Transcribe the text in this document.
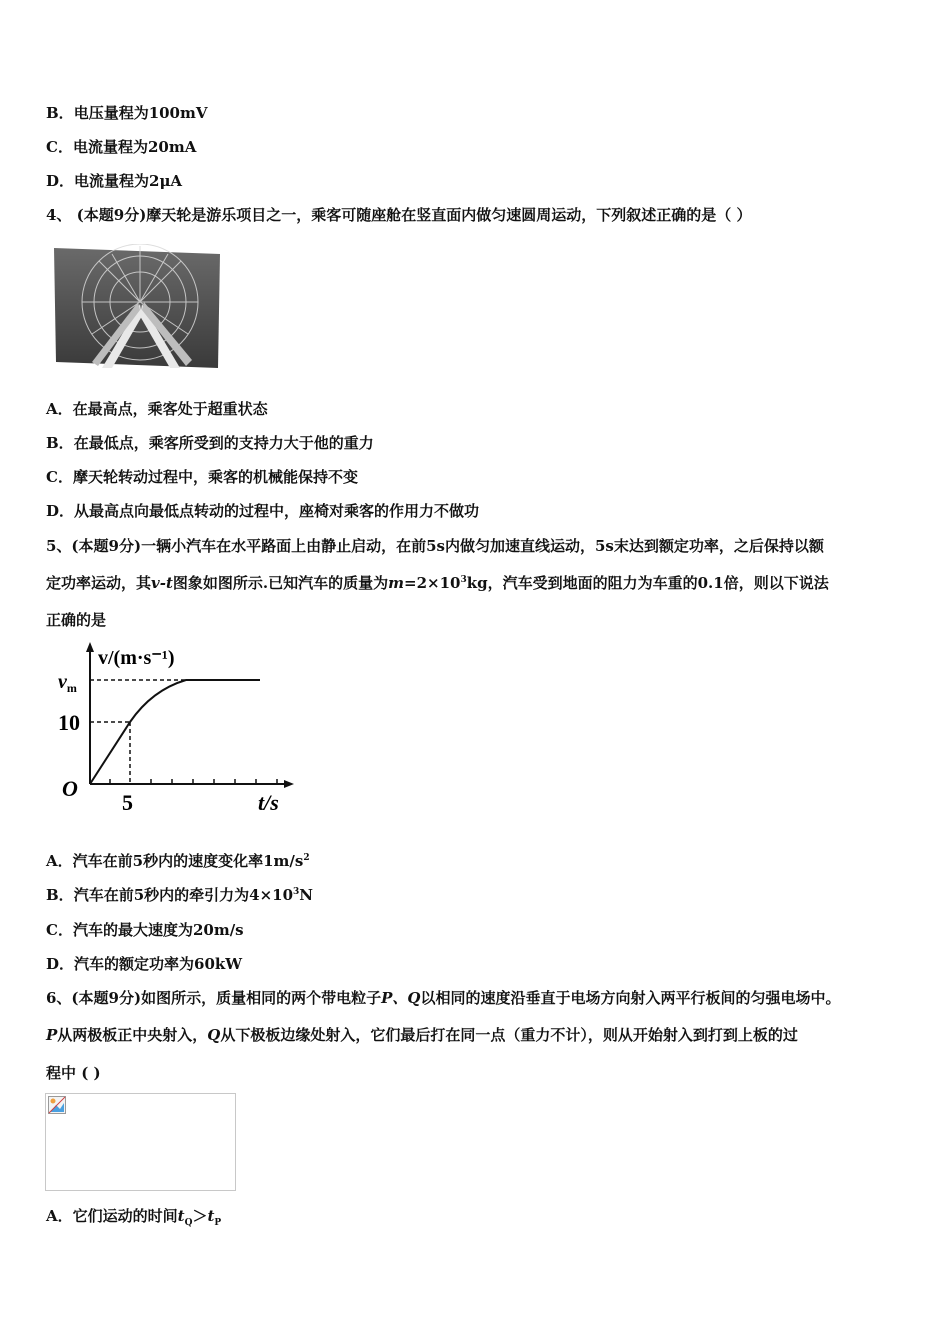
B．电压量程为100mV
C．电流量程为20mA
D．电流量程为2μA
4、 (本题9分)摩天轮是游乐项目之一，乘客可随座舱在竖直面内做匀速圆周运动，下列叙述正确的是（ ）
A．在最高点，乘客处于超重状态
B．在最低点，乘客所受到的支持力大于他的重力
C．摩天轮转动过程中，乘客的机械能保持不变
D．从最高点向最低点转动的过程中，座椅对乘客的作用力不做功
5、(本题9分)一辆小汽车在水平路面上由静止启动，在前5s内做匀加速直线运动，5s末达到额定功率，之后保持以额
定功率运动，其v-t图象如图所示.已知汽车的质量为$m=2\times 10^3kg$，汽车受到地面的阻力为车重的0.1倍，则以下说法
正确的是
v/(m·s⁻¹)
$v_m$
10
O
5	t/s
A．汽车在前5秒内的速度变化率$1m/s^2$
B．汽车在前5秒内的牵引力为$4\times 10^3N$
C．汽车的最大速度为20m/s
D．汽车的额定功率为60kW
6、(本题9分)如图所示，质量相同的两个带电粒子P、Q以相同的速度沿垂直于电场方向射入两平行板间的匀强电场中。
P从两极板正中央射入，Q从下极板边缘处射入，它们最后打在同一点（重力不计），则从开始射入到打到上板的过
程中 ( )
A．它们运动的时间$t_Q>t_P$
